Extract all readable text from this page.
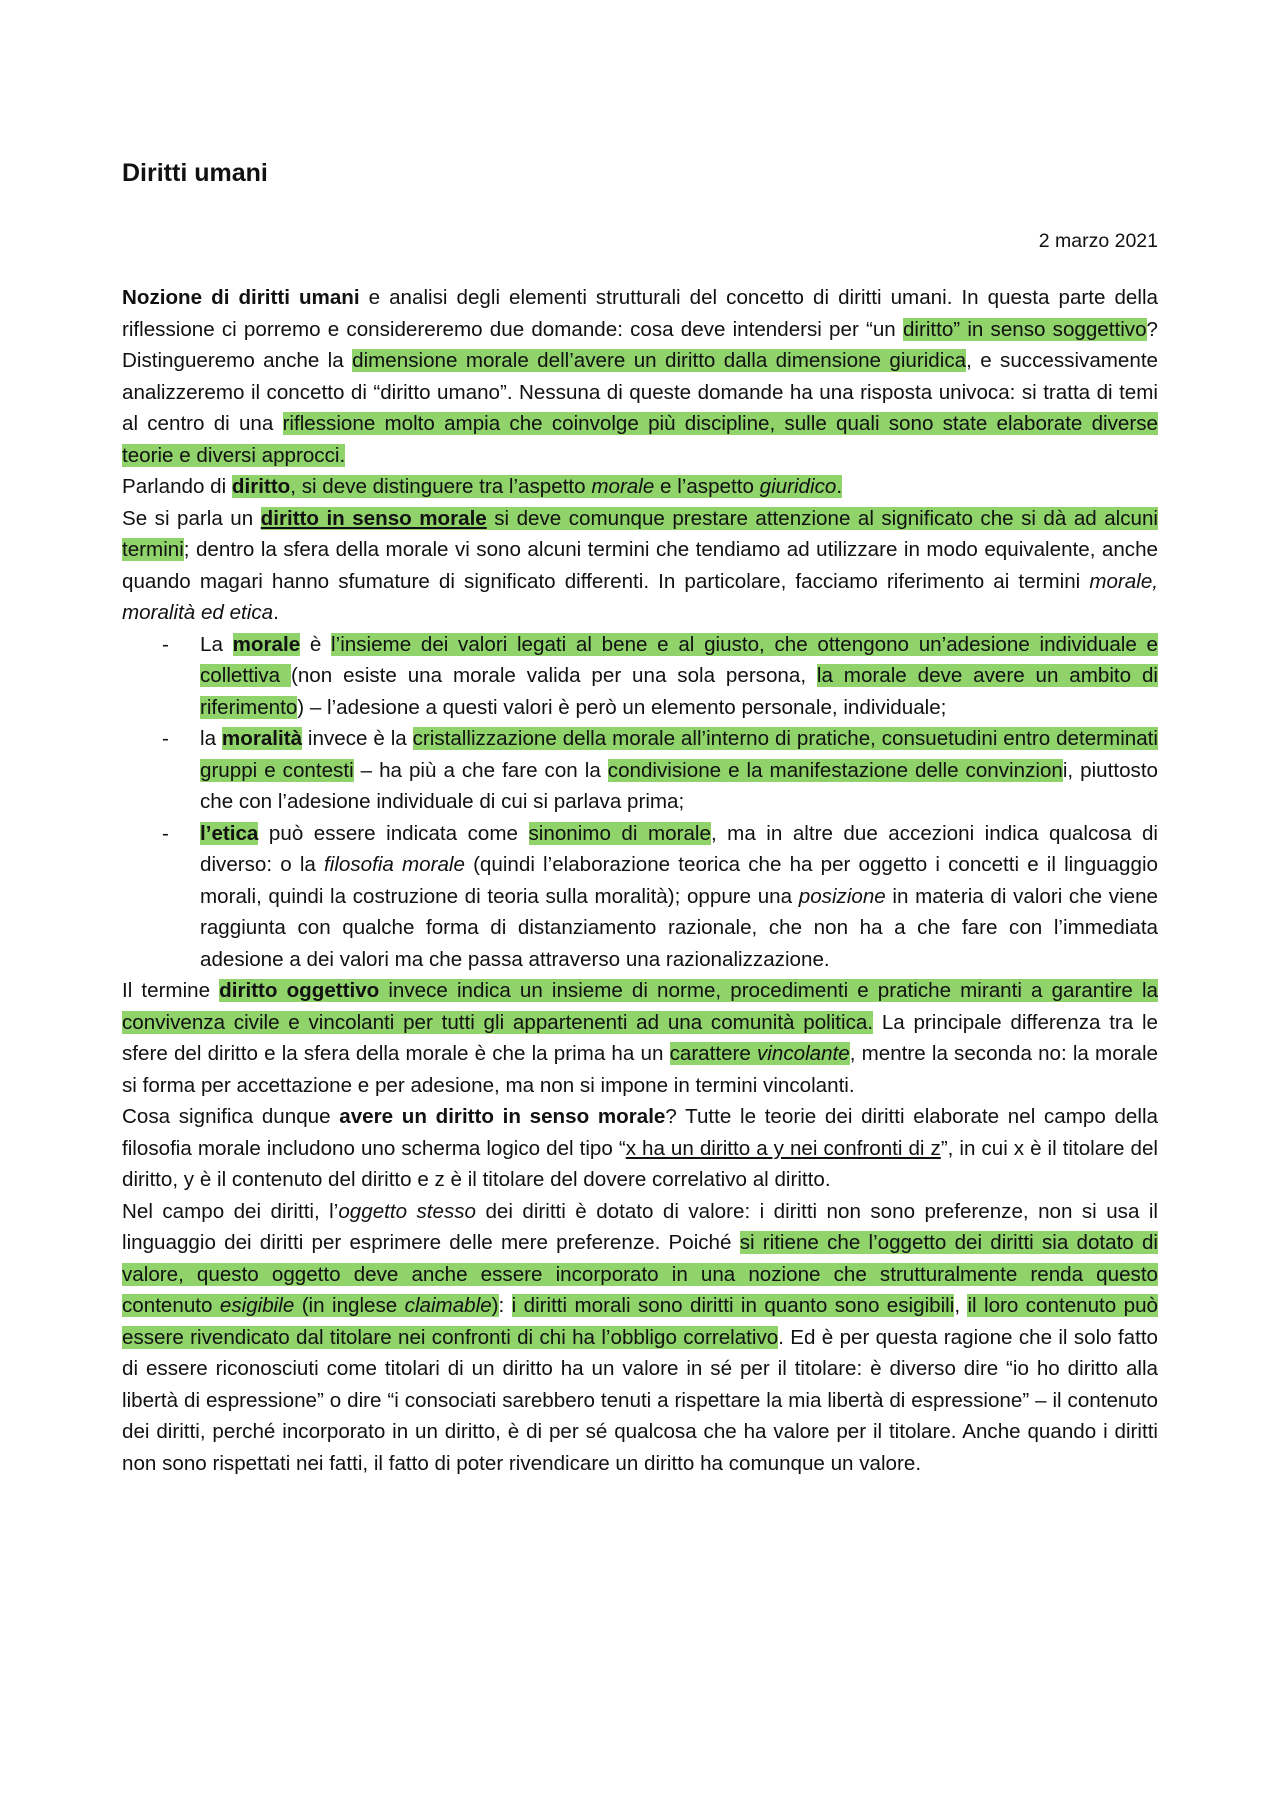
Diritti umani
2 marzo 2021

Nozione di diritti umani e analisi degli elementi strutturali del concetto di diritti umani. In questa parte della riflessione ci porremo e considereremo due domande: cosa deve intendersi per “un diritto” in senso soggettivo? Distingueremo anche la dimensione morale dell’avere un diritto dalla dimensione giuridica, e successivamente analizzeremo il concetto di “diritto umano”. Nessuna di queste domande ha una risposta univoca: si tratta di temi al centro di una riflessione molto ampia che coinvolge più discipline, sulle quali sono state elaborate diverse teorie e diversi approcci.

Parlando di diritto, si deve distinguere tra l’aspetto morale e l’aspetto giuridico.

Se si parla un diritto in senso morale si deve comunque prestare attenzione al significato che si dà ad alcuni termini; dentro la sfera della morale vi sono alcuni termini che tendiamo ad utilizzare in modo equivalente, anche quando magari hanno sfumature di significato differenti. In particolare, facciamo riferimento ai termini morale, moralità ed etica.

- La morale è l’insieme dei valori legati al bene e al giusto, che ottengono un’adesione individuale e collettiva (non esiste una morale valida per una sola persona, la morale deve avere un ambito di riferimento) – l’adesione a questi valori è però un elemento personale, individuale;
- la moralità invece è la cristallizzazione della morale all’interno di pratiche, consuetudini entro determinati gruppi e contesti – ha più a che fare con la condivisione e la manifestazione delle convinzioni, piuttosto che con l’adesione individuale di cui si parlava prima;
- l’etica può essere indicata come sinonimo di morale, ma in altre due accezioni indica qualcosa di diverso: o la filosofia morale (quindi l’elaborazione teorica che ha per oggetto i concetti e il linguaggio morali, quindi la costruzione di teoria sulla moralità); oppure una posizione in materia di valori che viene raggiunta con qualche forma di distanziamento razionale, che non ha a che fare con l’immediata adesione a dei valori ma che passa attraverso una razionalizzazione.

Il termine diritto oggettivo invece indica un insieme di norme, procedimenti e pratiche miranti a garantire la convivenza civile e vincolanti per tutti gli appartenenti ad una comunità politica. La principale differenza tra le sfere del diritto e la sfera della morale è che la prima ha un carattere vincolante, mentre la seconda no: la morale si forma per accettazione e per adesione, ma non si impone in termini vincolanti.

Cosa significa dunque avere un diritto in senso morale? Tutte le teorie dei diritti elaborate nel campo della filosofia morale includono uno scherma logico del tipo “x ha un diritto a y nei confronti di z”, in cui x è il titolare del diritto, y è il contenuto del diritto e z è il titolare del dovere correlativo al diritto.

Nel campo dei diritti, l’oggetto stesso dei diritti è dotato di valore: i diritti non sono preferenze, non si usa il linguaggio dei diritti per esprimere delle mere preferenze. Poiché si ritiene che l’oggetto dei diritti sia dotato di valore, questo oggetto deve anche essere incorporato in una nozione che strutturalmente renda questo contenuto esigibile (in inglese claimable): i diritti morali sono diritti in quanto sono esigibili, il loro contenuto può essere rivendicato dal titolare nei confronti di chi ha l’obbligo correlativo. Ed è per questa ragione che il solo fatto di essere riconosciuti come titolari di un diritto ha un valore in sé per il titolare: è diverso dire “io ho diritto alla libertà di espressione” o dire “i consociati sarebbero tenuti a rispettare la mia libertà di espressione” – il contenuto dei diritti, perché incorporato in un diritto, è di per sé qualcosa che ha valore per il titolare. Anche quando i diritti non sono rispettati nei fatti, il fatto di poter rivendicare un diritto ha comunque un valore.
